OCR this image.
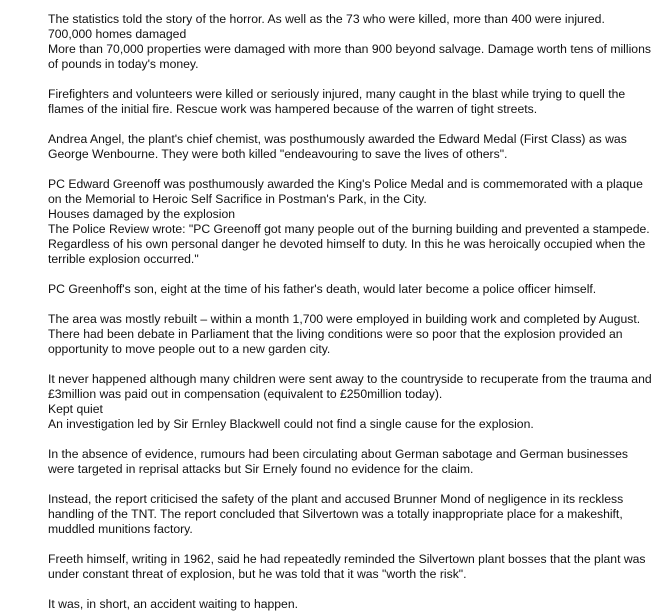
The statistics told the story of the horror. As well as the 73 who were killed, more than 400 were injured.
700,000 homes damaged
More than 70,000 properties were damaged with more than 900 beyond salvage. Damage worth tens of millions of pounds in today's money.

Firefighters and volunteers were killed or seriously injured, many caught in the blast while trying to quell the flames of the initial fire. Rescue work was hampered because of the warren of tight streets.

Andrea Angel, the plant's chief chemist, was posthumously awarded the Edward Medal (First Class) as was George Wenbourne. They were both killed "endeavouring to save the lives of others".

PC Edward Greenoff was posthumously awarded the King's Police Medal and is commemorated with a plaque on the Memorial to Heroic Self Sacrifice in Postman's Park, in the City.
Houses damaged by the explosion
The Police Review wrote: "PC Greenoff got many people out of the burning building and prevented a stampede. Regardless of his own personal danger he devoted himself to duty. In this he was heroically occupied when the terrible explosion occurred."

PC Greenhoff's son, eight at the time of his father's death, would later become a police officer himself.

The area was mostly rebuilt – within a month 1,700 were employed in building work and completed by August. There had been debate in Parliament that the living conditions were so poor that the explosion provided an opportunity to move people out to a new garden city.

It never happened although many children were sent away to the countryside to recuperate from the trauma and £3million was paid out in compensation (equivalent to £250million today).
Kept quiet
An investigation led by Sir Ernley Blackwell could not find a single cause for the explosion.

In the absence of evidence, rumours had been circulating about German sabotage and German businesses were targeted in reprisal attacks but Sir Ernely found no evidence for the claim.

Instead, the report criticised the safety of the plant and accused Brunner Mond of negligence in its reckless handling of the TNT. The report concluded that Silvertown was a totally inappropriate place for a makeshift, muddled munitions factory.

Freeth himself, writing in 1962, said he had repeatedly reminded the Silvertown plant bosses that the plant was under constant threat of explosion, but he was told that it was "worth the risk".

It was, in short, an accident waiting to happen.
